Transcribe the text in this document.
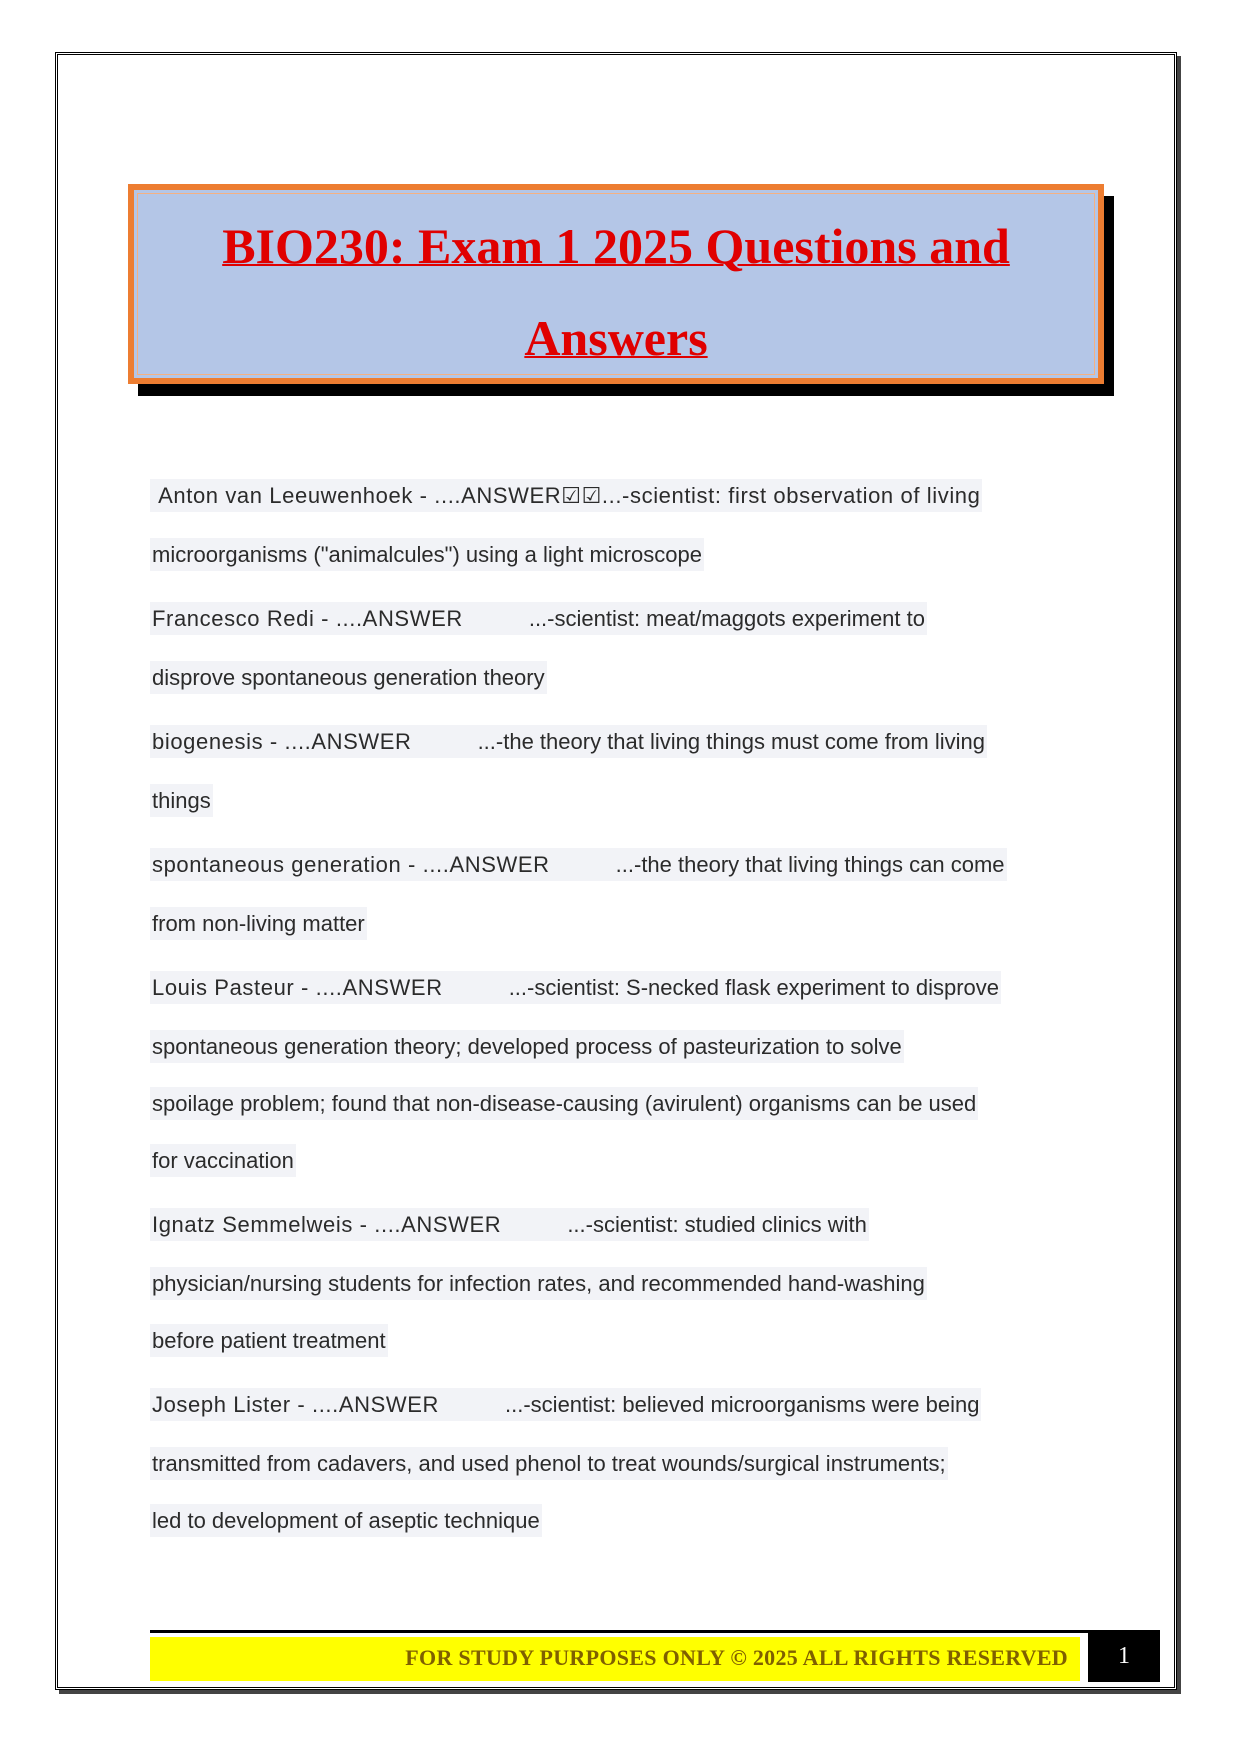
BIO230: Exam 1 2025 Questions and
Answers
Anton van Leeuwenhoek - ....ANSWER☑☑...-scientist: first observation of living
microorganisms ("animalcules") using a light microscope
Francesco Redi - ....ANSWER	...-scientist: meat/maggots experiment to
disprove spontaneous generation theory
biogenesis - ....ANSWER	...-the theory that living things must come from living
things
spontaneous generation - ....ANSWER	...-the theory that living things can come
from non-living matter
Louis Pasteur - ....ANSWER	...-scientist: S-necked flask experiment to disprove
spontaneous generation theory; developed process of pasteurization to solve
spoilage problem; found that non-disease-causing (avirulent) organisms can be used
for vaccination
Ignatz Semmelweis - ....ANSWER	...-scientist: studied clinics with
physician/nursing students for infection rates, and recommended hand-washing
before patient treatment
Joseph Lister - ....ANSWER	...-scientist: believed microorganisms were being
transmitted from cadavers, and used phenol to treat wounds/surgical instruments;
led to development of aseptic technique
FOR STUDY PURPOSES ONLY © 2025 ALL RIGHTS RESERVED	1
